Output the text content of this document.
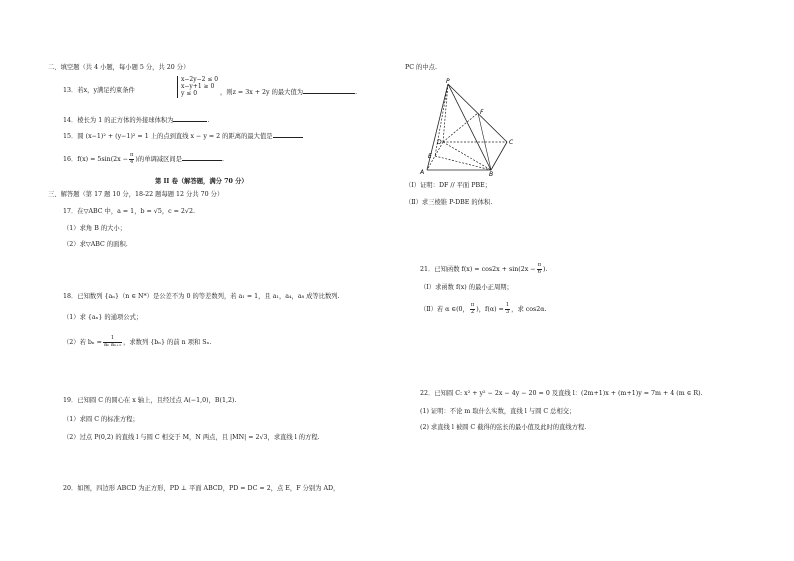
二、填空题（共 4 小题，每小题 5 分，共 20 分）
13．若x，y满足约束条件
x−2y−2 ≤ 0
x−y+1 ≥ 0
y ≤ 0	，则z = 3x + 2y 的最大值为	.
14．棱长为 1 的正方体的外接球体积为	.
15．圆 (x−1)² + (y−1)² = 1 上的点到直线 x − y = 2 的距离的最大值是
16．$f(x) = 5\sin(2x - \frac{\pi}{4}$ )的单调减区间是	.
第 II 卷（解答题，满分 70 分）
三、解答题（第 17 题 10 分，18-22 题每题 12 分共 70 分）
17．在▽ABC 中，a = 1，b = √5，c = 2√2.
（1）求角 B 的大小；
（2）求▽ABC 的面积.
18．已知数列 {aₙ}（n ∈ N*）是公差不为 0 的等差数列，若 a₁ = 1，且 a₁，a₄，a₈ 成等比数列.
（1）求 {aₙ} 的通项公式；
（2）若 $b_n = \frac{1}{\text{aₙ aₙ₊₁}}$ ，求数列 {bₙ} 的前 n 项和 Sₙ.
19．已知圆 C 的圆心在 x 轴上，且经过点 A(−1,0)，B(1,2).
（1）求圆 C 的标准方程；
（2）过点 P(0,2) 的直线 l 与圆 C 相交于 M，N 两点，且 |MN| = 2√3，求直线 l 的方程.
20．如图，四边形 ABCD 为正方形，PD ⊥ 平面 ABCD，PD = DC = 2，点 E，F 分别为 AD，
PC 的中点.
P
F
D	C
E
A	B
（Ⅰ）证明：DF // 平面 PBE；
（Ⅱ）求三棱锥 P-DBE 的体积.
21．已知函数 $f(x) = \cos 2x + \sin(2x - \frac{\pi}{6}$ ).
（Ⅰ）求函数 f(x) 的最小正周期；
（Ⅱ）若 α ∈(0， $\frac{\pi}{2}$ )，$f(\alpha) = \frac{1}{3}$ ，求 cos2α.
22．已知圆 C: x² + y² − 2x − 4y − 20 = 0 及直线 l：(2m+1)x + (m+1)y = 7m + 4 (m ∈ R).
(1) 证明：不论 m 取什么实数，直线 l 与圆 C 总相交；
(2) 求直线 l 被圆 C 截得的弦长的最小值及此时的直线方程.
